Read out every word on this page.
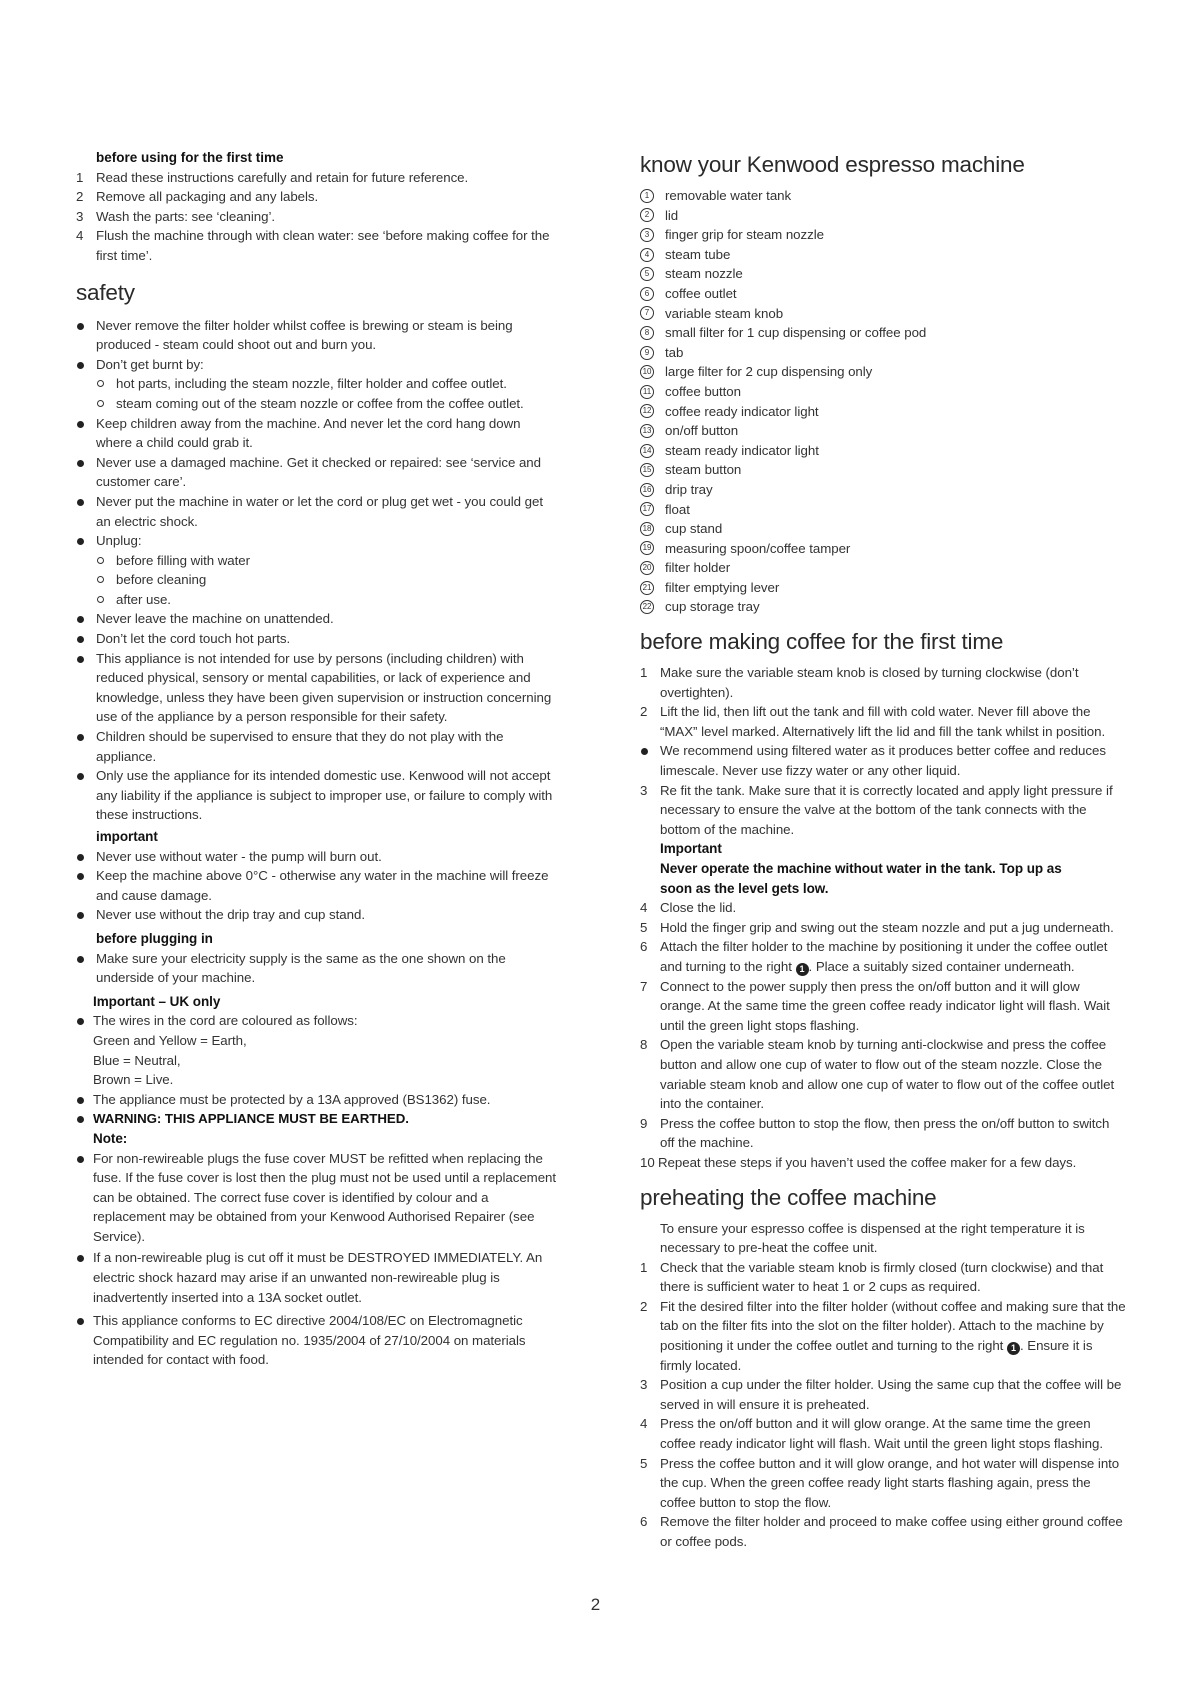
before using for the first time

1 Read these instructions carefully and retain for future reference.
2 Remove all packaging and any labels.
3 Wash the parts: see ‘cleaning’.
4 Flush the machine through with clean water: see ‘before making coffee for the
first time’.

safety

Never remove the filter holder whilst coffee is brewing or steam is being
produced - steam could shoot out and burn you.
Don’t get burnt by:
hot parts, including the steam nozzle, filter holder and coffee outlet.
steam coming out of the steam nozzle or coffee from the coffee outlet.
Keep children away from the machine. And never let the cord hang down
where a child could grab it.
Never use a damaged machine. Get it checked or repaired: see ‘service and
customer care’.
Never put the machine in water or let the cord or plug get wet - you could get
an electric shock.
Unplug:
before filling with water
before cleaning
after use.
Never leave the machine on unattended.
Don’t let the cord touch hot parts.
This appliance is not intended for use by persons (including children) with
reduced physical, sensory or mental capabilities, or lack of experience and
knowledge, unless they have been given supervision or instruction concerning
use of the appliance by a person responsible for their safety.
Children should be supervised to ensure that they do not play with the
appliance.
Only use the appliance for its intended domestic use. Kenwood will not accept
any liability if the appliance is subject to improper use, or failure to comply with
these instructions.

important

Never use without water - the pump will burn out.
Keep the machine above 0°C - otherwise any water in the machine will freeze
and cause damage.
Never use without the drip tray and cup stand.

before plugging in

Make sure your electricity supply is the same as the one shown on the
underside of your machine.

Important – UK only

The wires in the cord are coloured as follows:
Green and Yellow = Earth,
Blue = Neutral,
Brown = Live.
The appliance must be protected by a 13A approved (BS1362) fuse.
WARNING: THIS APPLIANCE MUST BE EARTHED.

Note:

For non-rewireable plugs the fuse cover MUST be refitted when replacing the
fuse. If the fuse cover is lost then the plug must not be used until a replacement
can be obtained. The correct fuse cover is identified by colour and a
replacement may be obtained from your Kenwood Authorised Repairer (see
Service).
If a non-rewireable plug is cut off it must be DESTROYED IMMEDIATELY. An
electric shock hazard may arise if an unwanted non-rewireable plug is
inadvertently inserted into a 13A socket outlet.
This appliance conforms to EC directive 2004/108/EC on Electromagnetic
Compatibility and EC regulation no. 1935/2004 of 27/10/2004 on materials
intended for contact with food.

know your Kenwood espresso machine

1	removable water tank
2	lid
3	finger grip for steam nozzle
4	steam tube
5	steam nozzle
6	coffee outlet
7	variable steam knob
8	small filter for 1 cup dispensing or coffee pod
9	tab
10 large filter for 2 cup dispensing only
11 coffee button
12 coffee ready indicator light
13 on/off button
14 steam ready indicator light
15 steam button
16 drip tray
17 float
18 cup stand
19 measuring spoon/coffee tamper
20 filter holder
21 filter emptying lever
22 cup storage tray

before making coffee for the first time

1 Make sure the variable steam knob is closed by turning clockwise (don’t
overtighten).
2 Lift the lid, then lift out the tank and fill with cold water. Never fill above the
“MAX” level marked. Alternatively lift the lid and fill the tank whilst in position.
We recommend using filtered water as it produces better coffee and reduces
limescale. Never use fizzy water or any other liquid.
3 Re fit the tank. Make sure that it is correctly located and apply light pressure if
necessary to ensure the valve at the bottom of the tank connects with the
bottom of the machine.

Important

Never operate the machine without water in the tank. Top up as
soon as the level gets low.

4 Close the lid.
5 Hold the finger grip and swing out the steam nozzle and put a jug underneath.
6 Attach the filter holder to the machine by positioning it under the coffee outlet
and turning to the right 1 . Place a suitably sized container underneath.
7 Connect to the power supply then press the on/off button and it will glow
orange. At the same time the green coffee ready indicator light will flash. Wait
until the green light stops flashing.
8 Open the variable steam knob by turning anti-clockwise and press the coffee
button and allow one cup of water to flow out of the steam nozzle. Close the
variable steam knob and allow one cup of water to flow out of the coffee outlet
into the container.
9 Press the coffee button to stop the flow, then press the on/off button to switch
off the machine.
10 Repeat these steps if you haven’t used the coffee maker for a few days.

preheating the coffee machine

To ensure your espresso coffee is dispensed at the right temperature it is
necessary to pre-heat the coffee unit.

1 Check that the variable steam knob is firmly closed (turn clockwise) and that
there is sufficient water to heat 1 or 2 cups as required.
2 Fit the desired filter into the filter holder (without coffee and making sure that the
tab on the filter fits into the slot on the filter holder). Attach to the machine by
positioning it under the coffee outlet and turning to the right 1 . Ensure it is
firmly located.
3 Position a cup under the filter holder. Using the same cup that the coffee will be
served in will ensure it is preheated.
4 Press the on/off button and it will glow orange. At the same time the green
coffee ready indicator light will flash. Wait until the green light stops flashing.
5 Press the coffee button and it will glow orange, and hot water will dispense into
the cup. When the green coffee ready light starts flashing again, press the
coffee button to stop the flow.
6 Remove the filter holder and proceed to make coffee using either ground coffee
or coffee pods.
2
